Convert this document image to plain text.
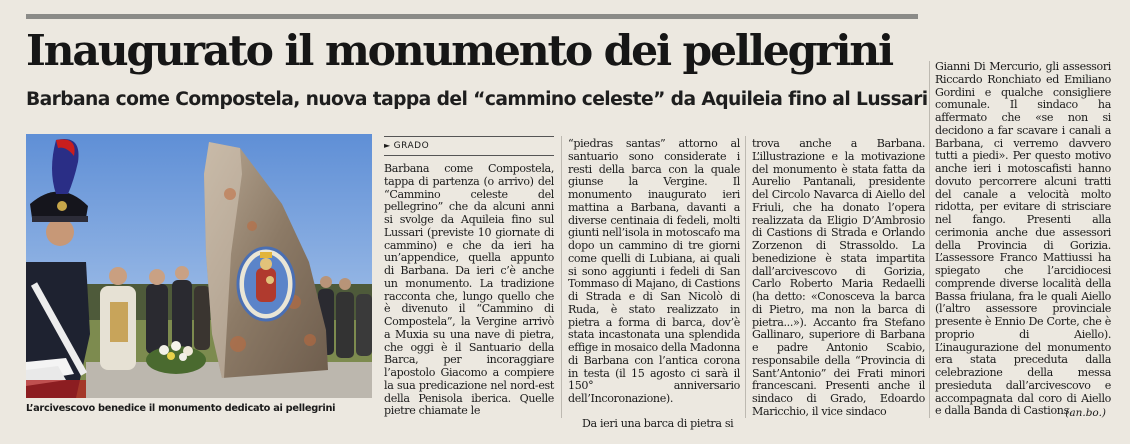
Inaugurato il monumento dei pellegrini
Barbana come Compostela, nuova tappa del “cammino celeste” da Aquileia fino al Lussari

L’arcivescovo benedice il monumento dedicato ai pellegrini

► GRADO

Barbana come Compostela, tappa di partenza (o arrivo) del “Cammino celeste del pellegrino” che da alcuni anni si svolge da Aquileia fino sul Lussari (previste 10 giornate di cammino) e che da ieri ha un’appendice, quella appunto di Barbana. Da ieri c’è anche un monumento. La tradizione racconta che, lungo quello che è divenuto il “Cammino di Compostela”, la Vergine arrivò a Muxia su una nave di pietra, che oggi è il Santuario della Barca, per incoraggiare l’apostolo Giacomo a compiere la sua predicazione nel nord-est della Penisola iberica. Quelle pietre chiamate le

“piedras santas” attorno al santuario sono considerate i resti della barca con la quale giunse la Vergine. Il monumento inaugurato ieri mattina a Barbana, davanti a diverse centinaia di fedeli, molti giunti nell’isola in motoscafo ma dopo un cammino di tre giorni come quelli di Lubiana, ai quali si sono aggiunti i fedeli di San Tommaso di Majano, di Castions di Strada e di San Nicolò di Ruda, è stato realizzato in pietra a forma di barca, dov’è stata incastonata una splendida effige in mosaico della Madonna di Barbana con l’antica corona in testa (il 15 agosto ci sarà il 150° anniversario dell’Incoronazione).

Da ieri una barca di pietra si

trova anche a Barbana. L’illustrazione e la motivazione del monumento è stata fatta da Aurelio Pantanali, presidente del Circolo Navarca di Aiello del Friuli, che ha donato l’opera realizzata da Eligio D’Ambrosio di Castions di Strada e Orlando Zorzenon di Strassoldo. La benedizione è stata impartita dall’arcivescovo di Gorizia, Carlo Roberto Maria Redaelli (ha detto: «Conosceva la barca di Pietro, ma non la barca di pietra...»). Accanto fra Stefano Gallinaro, superiore di Barbana e padre Antonio Scabio, responsabile della “Provincia di Sant’Antonio” dei Frati minori francescani. Presenti anche il sindaco di Grado, Edoardo Maricchio, il vice sindaco

Gianni Di Mercurio, gli assessori Riccardo Ronchiato ed Emiliano Gordini e qualche consigliere comunale. Il sindaco ha affermato che «se non si decidono a far scavare i canali a Barbana, ci verremo davvero tutti a piedi». Per questo motivo anche ieri i motoscafisti hanno dovuto percorrere alcuni tratti del canale a velocità molto ridotta, per evitare di strisciare nel fango. Presenti alla cerimonia anche due assessori della Provincia di Gorizia. L’assessore Franco Mattiussi ha spiegato che l’arcidiocesi comprende diverse località della Bassa friulana, fra le quali Aiello (l’altro assessore provinciale presente è Ennio De Corte, che è proprio di Aiello). L’inaugurazione del monumento era stata preceduta dalla celebrazione della messa presieduta dall’arcivescovo e accompagnata dal coro di Aiello e dalla Banda di Castions.

(an.bo.)
